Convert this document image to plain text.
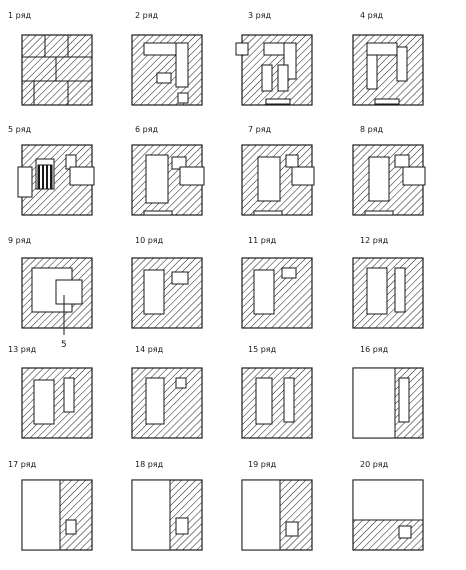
1 ряд	2 ряд	3 ряд	4 ряд
5 ряд	6 ряд	7 ряд	8 ряд
9 ряд	10 ряд	11 ряд	12 ряд
13 ряд	14 ряд	15 ряд	16 ряд
17 ряд	18 ряд	19 ряд	20 ряд
5
